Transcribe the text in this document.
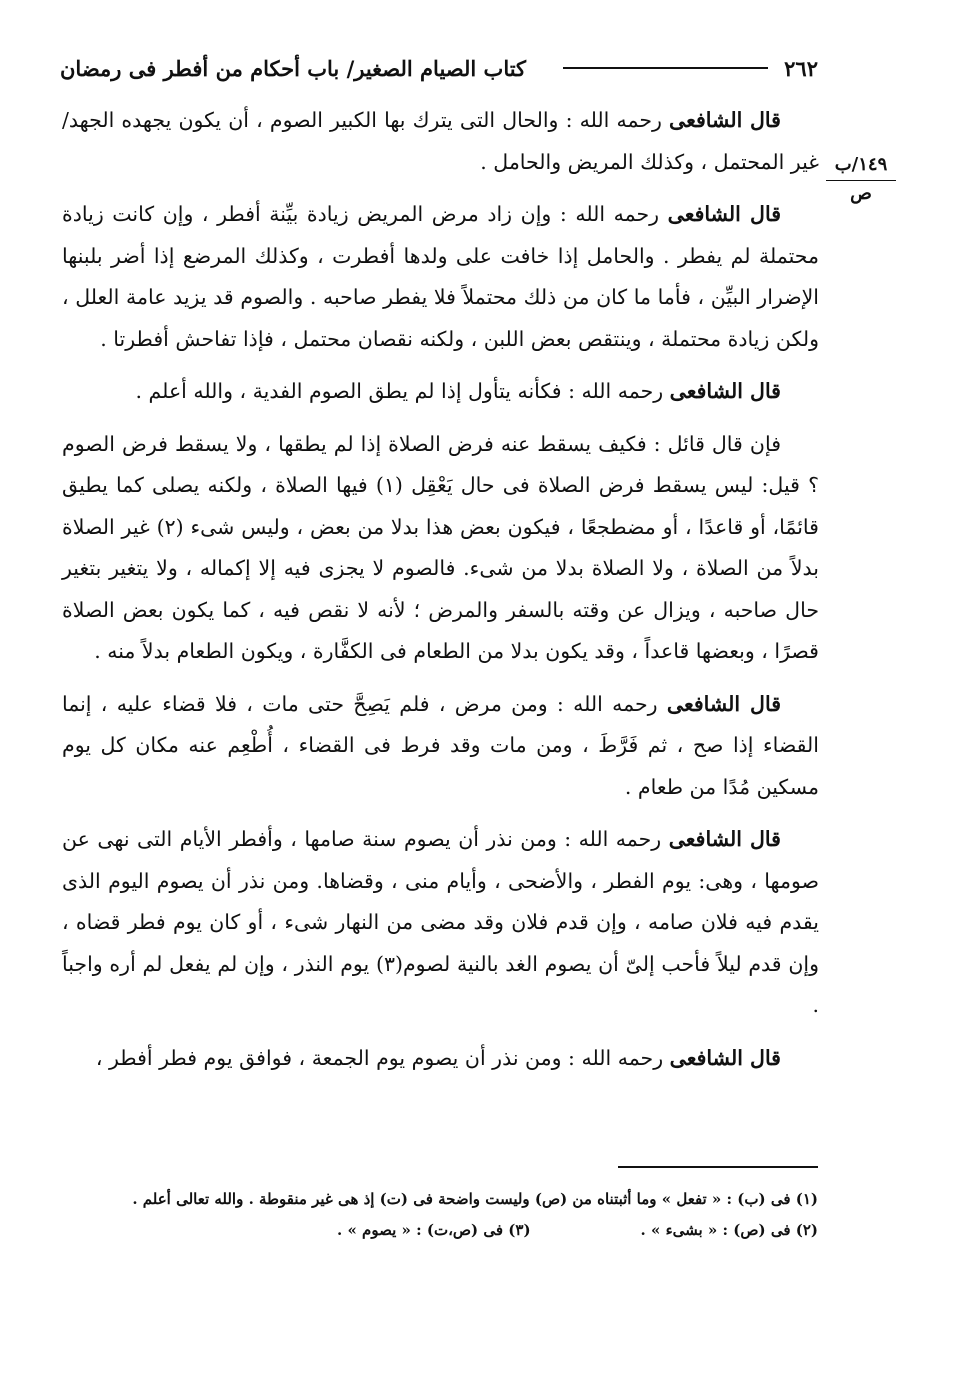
٢٦٢
كتاب الصيام الصغير/ باب أحكام من أفطر فى رمضان
١٤٩/ب
ص

قال الشافعى رحمه الله : والحال التى يترك بها الكبير الصوم ، أن يكون يجهده الجهد/ غير المحتمل ، وكذلك المريض والحامل .

قال الشافعى رحمه الله : وإن زاد مرض المريض زيادة بيِّنة أفطر ، وإن كانت زيادة محتملة لم يفطر . والحامل إذا خافت على ولدها أفطرت ، وكذلك المرضع إذا أضر بلبنها الإضرار البيِّن ، فأما ما كان من ذلك محتملاً فلا يفطر صاحبه . والصوم قد يزيد عامة العلل ، ولكن زيادة محتملة ، وينتقص بعض اللبن ، ولكنه نقصان محتمل ، فإذا تفاحش أفطرتا .

قال الشافعى رحمه الله : فكأنه يتأول إذا لم يطق الصوم الفدية ، والله أعلم .

فإن قال قائل : فكيف يسقط عنه فرض الصلاة إذا لم يطقها ، ولا يسقط فرض الصوم ؟ قيل: ليس يسقط فرض الصلاة فى حال يَعْقِل (١) فيها الصلاة ، ولكنه يصلى كما يطيق قائمًا، أو قاعدًا ، أو مضطجعًا ، فيكون بعض هذا بدلا من بعض ، وليس شىء (٢) غير الصلاة بدلاً من الصلاة ، ولا الصلاة بدلا من شىء. فالصوم لا يجزى فيه إلا إكماله ، ولا يتغير بتغير حال صاحبه ، ويزال عن وقته بالسفر والمرض ؛ لأنه لا نقص فيه ، كما يكون بعض الصلاة قصرًا ، وبعضها قاعداً ، وقد يكون بدلا من الطعام فى الكفَّارة ، ويكون الطعام بدلاً منه .

قال الشافعى رحمه الله : ومن مرض ، فلم يَصِحَّ حتى مات ، فلا قضاء عليه ، إنما القضاء إذا صح ، ثم فَرَّطَ ، ومن مات وقد فرط فى القضاء ، أُطْعِم عنه مكان كل يوم مسكين مُدًا من طعام .

قال الشافعى رحمه الله : ومن نذر أن يصوم سنة صامها ، وأفطر الأيام التى نهى عن صومها ، وهى: يوم الفطر ، والأضحى ، وأيام منى ، وقضاها. ومن نذر أن يصوم اليوم الذى يقدم فيه فلان صامه ، وإن قدم فلان وقد مضى من النهار شىء ، أو كان يوم فطر قضاه ، وإن قدم ليلاً فأحب إلىّ أن يصوم الغد بالنية لصوم(٣) يوم النذر ، وإن لم يفعل لم أره واجباً .

قال الشافعى رحمه الله : ومن نذر أن يصوم يوم الجمعة ، فوافق يوم فطر أفطر ،

(١) فى (ب) : « تفعل » وما أثبتناه من (ص) وليست واضحة فى (ت) إذ هى غير منقوطة . والله تعالى أعلم .
(٢) فى (ص) : « بشىء » .
(٣) فى (ص،ت) : « يصوم » .
